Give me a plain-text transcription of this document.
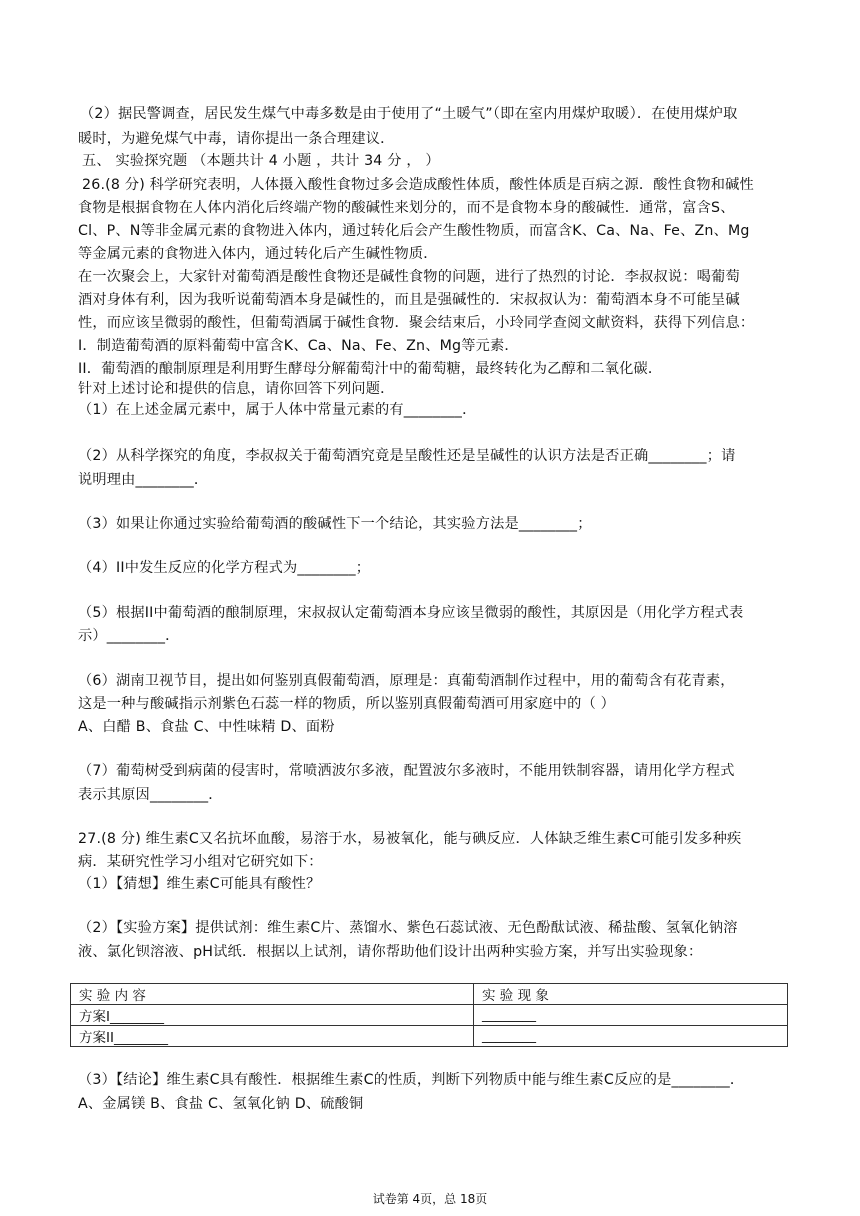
（2）据民警调查，居民发生煤气中毒多数是由于使用了“土暖气”（即在室内用煤炉取暖）．在使用煤炉取
暖时，为避免煤气中毒，请你提出一条合理建议．
五、 实验探究题 （本题共计 4 小题 ，共计 34 分 ， ）
26.(8 分) 科学研究表明，人体摄入酸性食物过多会造成酸性体质，酸性体质是百病之源．酸性食物和碱性
食物是根据食物在人体内消化后终端产物的酸碱性来划分的，而不是食物本身的酸碱性．通常，富含S、
Cl、P、N等非金属元素的食物进入体内，通过转化后会产生酸性物质，而富含K、Ca、Na、Fe、Zn、Mg
等金属元素的食物进入体内，通过转化后产生碱性物质．
在一次聚会上，大家针对葡萄酒是酸性食物还是碱性食物的问题，进行了热烈的讨论．李叔叔说：喝葡萄
酒对身体有利，因为我听说葡萄酒本身是碱性的，而且是强碱性的．宋叔叔认为：葡萄酒本身不可能呈碱
性，而应该呈微弱的酸性，但葡萄酒属于碱性食物．聚会结束后，小玲同学查阅文献资料，获得下列信息：
I．制造葡萄酒的原料葡萄中富含K、Ca、Na、Fe、Zn、Mg等元素．
II．葡萄酒的酿制原理是利用野生酵母分解葡萄汁中的葡萄糖，最终转化为乙醇和二氧化碳．
针对上述讨论和提供的信息，请你回答下列问题．
（1）在上述金属元素中，属于人体中常量元素的有________．
（2）从科学探究的角度，李叔叔关于葡萄酒究竟是呈酸性还是呈碱性的认识方法是否正确________；请
说明理由________．
（3）如果让你通过实验给葡萄酒的酸碱性下一个结论，其实验方法是________；
（4）II中发生反应的化学方程式为________；
（5）根据II中葡萄酒的酿制原理，宋叔叔认定葡萄酒本身应该呈微弱的酸性，其原因是（用化学方程式表
示）________．
（6）湖南卫视节目，提出如何鉴别真假葡萄酒，原理是：真葡萄酒制作过程中，用的葡萄含有花青素，
这是一种与酸碱指示剂紫色石蕊一样的物质，所以鉴别真假葡萄酒可用家庭中的（ ）
A、白醋 B、食盐 C、中性味精 D、面粉
（7）葡萄树受到病菌的侵害时，常喷洒波尔多液，配置波尔多液时，不能用铁制容器，请用化学方程式
表示其原因________．
27.(8 分) 维生素C又名抗坏血酸，易溶于水，易被氧化，能与碘反应．人体缺乏维生素C可能引发多种疾
病．某研究性学习小组对它研究如下：
（1）【猜想】维生素C可能具有酸性？
（2）【实验方案】提供试剂：维生素C片、蒸馏水、紫色石蕊试液、无色酚酞试液、稀盐酸、氢氧化钠溶
液、氯化钡溶液、pH试纸．根据以上试剂，请你帮助他们设计出两种实验方案，并写出实验现象：
实 验 内 容	实 验 现 象
方案I________	________
方案II________	________
（3）【结论】维生素C具有酸性．根据维生素C的性质，判断下列物质中能与维生素C反应的是________．
A、金属镁 B、食盐 C、氢氧化钠 D、硫酸铜
试卷第 4页，总 18页
